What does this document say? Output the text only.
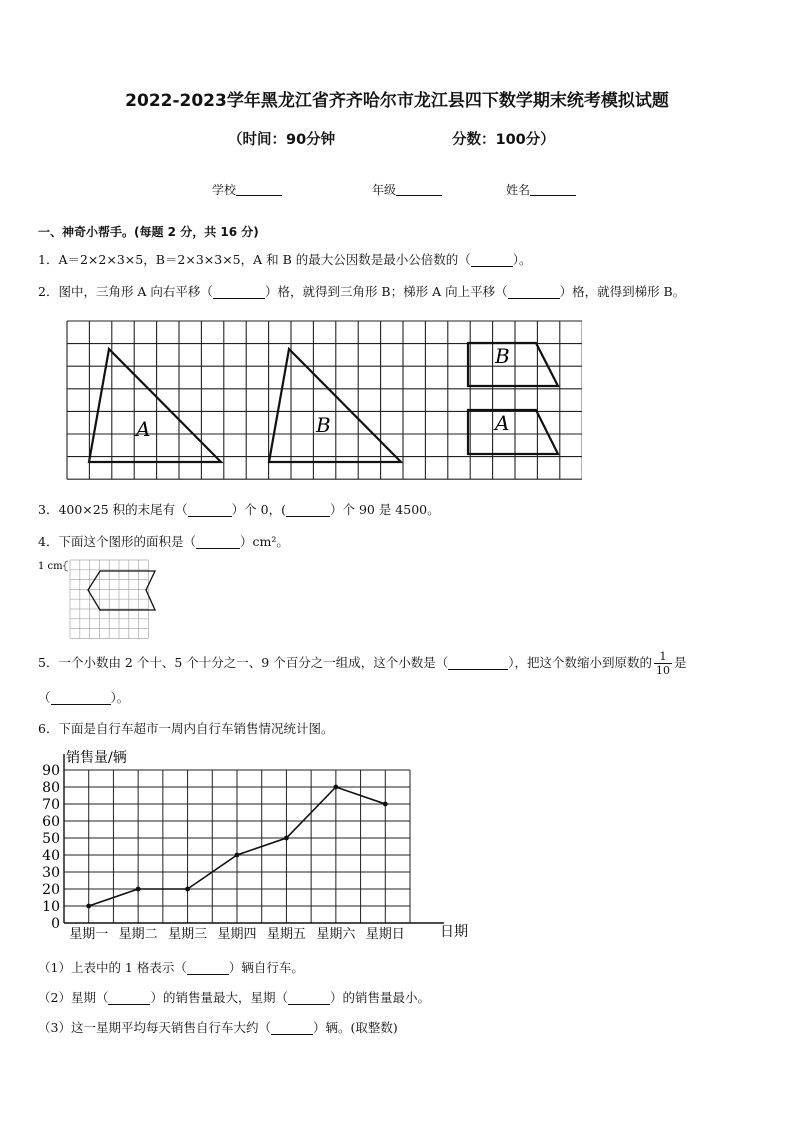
2022-2023学年黑龙江省齐齐哈尔市龙江县四下数学期末统考模拟试题
（时间：90分钟	分数：100分）
学校	年级	姓名
一、神奇小帮手。(每题 2 分，共 16 分)
1．A＝2×2×3×5，B＝2×3×3×5，A 和 B 的最大公因数是最小公倍数的（	）。
2．图中，三角形 A 向右平移（	）格，就得到三角形 B；梯形 A 向上平移（	）格，就得到梯形 B。
A	B
B
A
3．400×25 积的末尾有（	）个 0，(	）个 90 是 4500。
4．下面这个图形的面积是（	）cm²。
1 cm
5．一个小数由 2 个十、5 个十分之一、9 个百分之一组成，这个小数是（	），把这个数缩小到原数的 $\frac{1}{10}$ 是
（	）。
6．下面是自行车超市一周内自行车销售情况统计图。
0
10
20
30
40
50
60
70
80
90
星期一 星期二 星期三 星期四 星期五 星期六 星期日
销售量/辆
日期
（1）上表中的 1 格表示（	）辆自行车。
（2）星期（	）的销售量最大，星期（	）的销售量最小。
（3）这一星期平均每天销售自行车大约（	）辆。(取整数)
